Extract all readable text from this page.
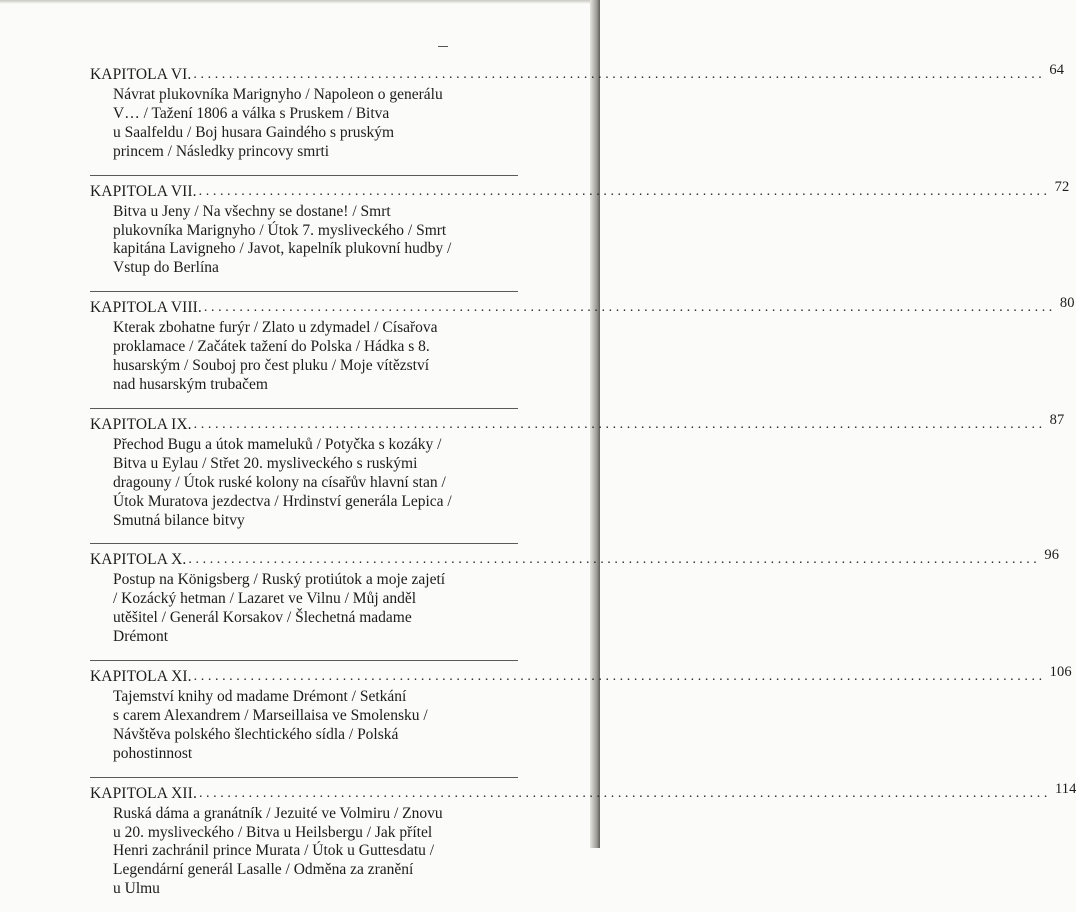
KAPITOLA VI. ........................................................................................................................ 64
Návrat plukovníka Marignyho / Napoleon o generálu
V… / Tažení 1806 a válka s Pruskem / Bitva
u Saalfeldu / Boj husara Gaindého s pruským
princem / Následky princovy smrti
KAPITOLA VII. ........................................................................................................................ 72
Bitva u Jeny / Na všechny se dostane! / Smrt
plukovníka Marignyho / Útok 7. mysliveckého / Smrt
kapitána Lavigneho / Javot, kapelník plukovní hudby /
Vstup do Berlína
KAPITOLA VIII. ........................................................................................................................ 80
Kterak zbohatne furýr / Zlato u zdymadel / Císařova
proklamace / Začátek tažení do Polska / Hádka s 8.
husarským / Souboj pro čest pluku / Moje vítězství
nad husarským trubačem
KAPITOLA IX. ........................................................................................................................ 87
Přechod Bugu a útok mameluků / Potyčka s kozáky /
Bitva u Eylau / Střet 20. mysliveckého s ruskými
dragouny / Útok ruské kolony na císařův hlavní stan /
Útok Muratova jezdectva / Hrdinství generála Lepica /
Smutná bilance bitvy
KAPITOLA X. ........................................................................................................................ 96
Postup na Königsberg / Ruský protiútok a moje zajetí
/ Kozácký hetman / Lazaret ve Vilnu / Můj anděl
utěšitel / Generál Korsakov / Šlechetná madame
Drémont
KAPITOLA XI. ........................................................................................................................ 106
Tajemství knihy od madame Drémont / Setkání
s carem Alexandrem / Marseillaisa ve Smolensku /
Návštěva polského šlechtického sídla / Polská
pohostinnost
KAPITOLA XII. ........................................................................................................................ 114
Ruská dáma a granátník / Jezuité ve Volmiru / Znovu
u 20. mysliveckého / Bitva u Heilsbergu / Jak přítel
Henri zachránil prince Murata / Útok u Guttesdatu /
Legendární generál Lasalle / Odměna za zranění
u Ulmu
